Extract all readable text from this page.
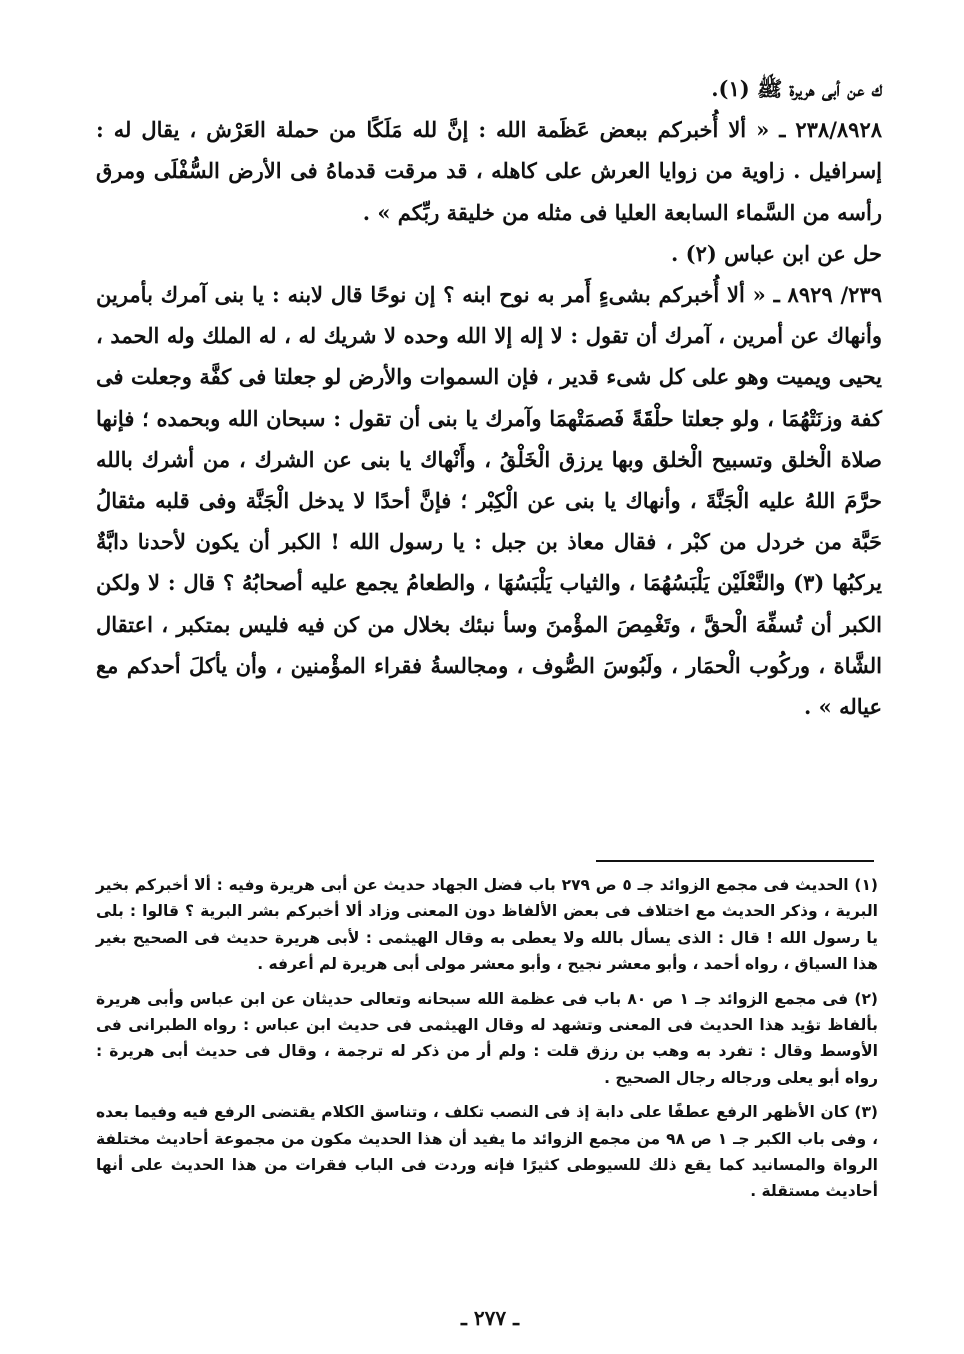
ك عن أبى هريرة ﷺ (١).

٢٣٨/٨٩٢٨ ـ « ألا أُخبركم ببعض عَظَمة الله : إنَّ لله مَلَكًا من حملة العَرْش ، يقال له : إسرافيل . زاوية من زوايا العرش على كاهله ، قد مرقت قدماهُ فى الأرض السُّفْلَى ومرق رأسه من السَّماء السابعة العليا فى مثله من خليقة ربِّكم » .

حل عن ابن عباس (٢) .

٢٣٩/ ٨٩٢٩ ـ « ألا أُخبركم بشىءٍ أَمر به نوح ابنه ؟ إن نوحًا قال لابنه : يا بنى آمرك بأمرين وأنهاك عن أمرين ، آمرك أن تقول : لا إله إلا الله وحده لا شريك له ، له الملك وله الحمد ، يحيى ويميت وهو على كل شىء قدير ، فإن السموات والأرض لو جعلتا فى كفَّة وجعلت فى كفة وزنَتْهُمَا ، ولو جعلتا حلْقَةً فَصمَتْهمَا وآمرك يا بنى أن تقول : سبحان الله وبحمده ؛ فإنها صلاة الْخلق وتسبيح الْخلق وبها يرزق الْخَلْقُ ، وأَنْهاك يا بنى عن الشرك ، من أشرك بالله حرَّمَ اللهُ عليه الْجَنَّةَ ، وأنهاك يا بنى عن الْكِبْر ؛ فإنَّ أحدًا لا يدخل الْجَنَّة وفى قلبه مثقالُ حَبَّة من خردل من كبْر ، فقال معاذ بن جبل : يا رسول الله ! الكبر أن يكون لأحدنا دابَّةٌ يركبُها (٣) والنَّعْلَيْن يَلْبَسُهُمَا ، والثياب يَلْبَسُهَا ، والطعامُ يجمع عليه أصحابُهُ ؟ قال : لا ولكن الكبر أن تُسفِّهَ الْحقَّ ، وتَغْمِصَ المؤْمنَ وسأ نبئك بخلال من كن فيه فليس بمتكبر ، اعتقال الشَّاة ، وركُوب الْحمَار ، ولَبُوسَ الصُّوف ، ومجالسةُ فقراء المؤْمنين ، وأن يأكلَ أحدكم مع عياله » .

(١) الحديث فى مجمع الزوائد جـ ٥ ص ٢٧٩ باب فضل الجهاد حديث عن أبى هريرة وفيه : ألا أخبركم بخير البرية ، وذكر الحديث مع اختلاف فى بعض الألفاظ دون المعنى وزاد ألا أخبركم بشر البرية ؟ قالوا : بلى يا رسول الله ! قال : الذى يسأل بالله ولا يعطى به وقال الهيثمى : لأبى هريرة حديث فى الصحيح بغير هذا السياق ، رواه أحمد ، وأبو معشر نجيح ، وأبو معشر مولى أبى هريرة لم أعرفه .

(٢) فى مجمع الزوائد جـ ١ ص ٨٠ باب فى عظمة الله سبحانه وتعالى حديثان عن ابن عباس وأبى هريرة بألفاظ تؤيد هذا الحديث فى المعنى وتشهد له وقال الهيثمى فى حديث ابن عباس : رواه الطبرانى فى الأوسط وقال : تفرد به وهب بن رزق قلت : ولم أر من ذكر له ترجمة ، وقال فى حديث أبى هريرة : رواه أبو يعلى ورجاله رجال الصحيح .

(٣) كان الأظهر الرفع عطفًا على دابة إذ فى النصب تكلف ، وتناسق الكلام يقتضى الرفع فيه وفيما بعده ، وفى باب الكبر جـ ١ ص ٩٨ من مجمع الزوائد ما يفيد أن هذا الحديث مكون من مجموعة أحاديث مختلفة الرواة والمسانيد كما يقع ذلك للسيوطى كثيرًا فإنه وردت فى الباب فقرات من هذا الحديث على أنها أحاديث مستقلة .

ـ ٢٧٧ ـ
